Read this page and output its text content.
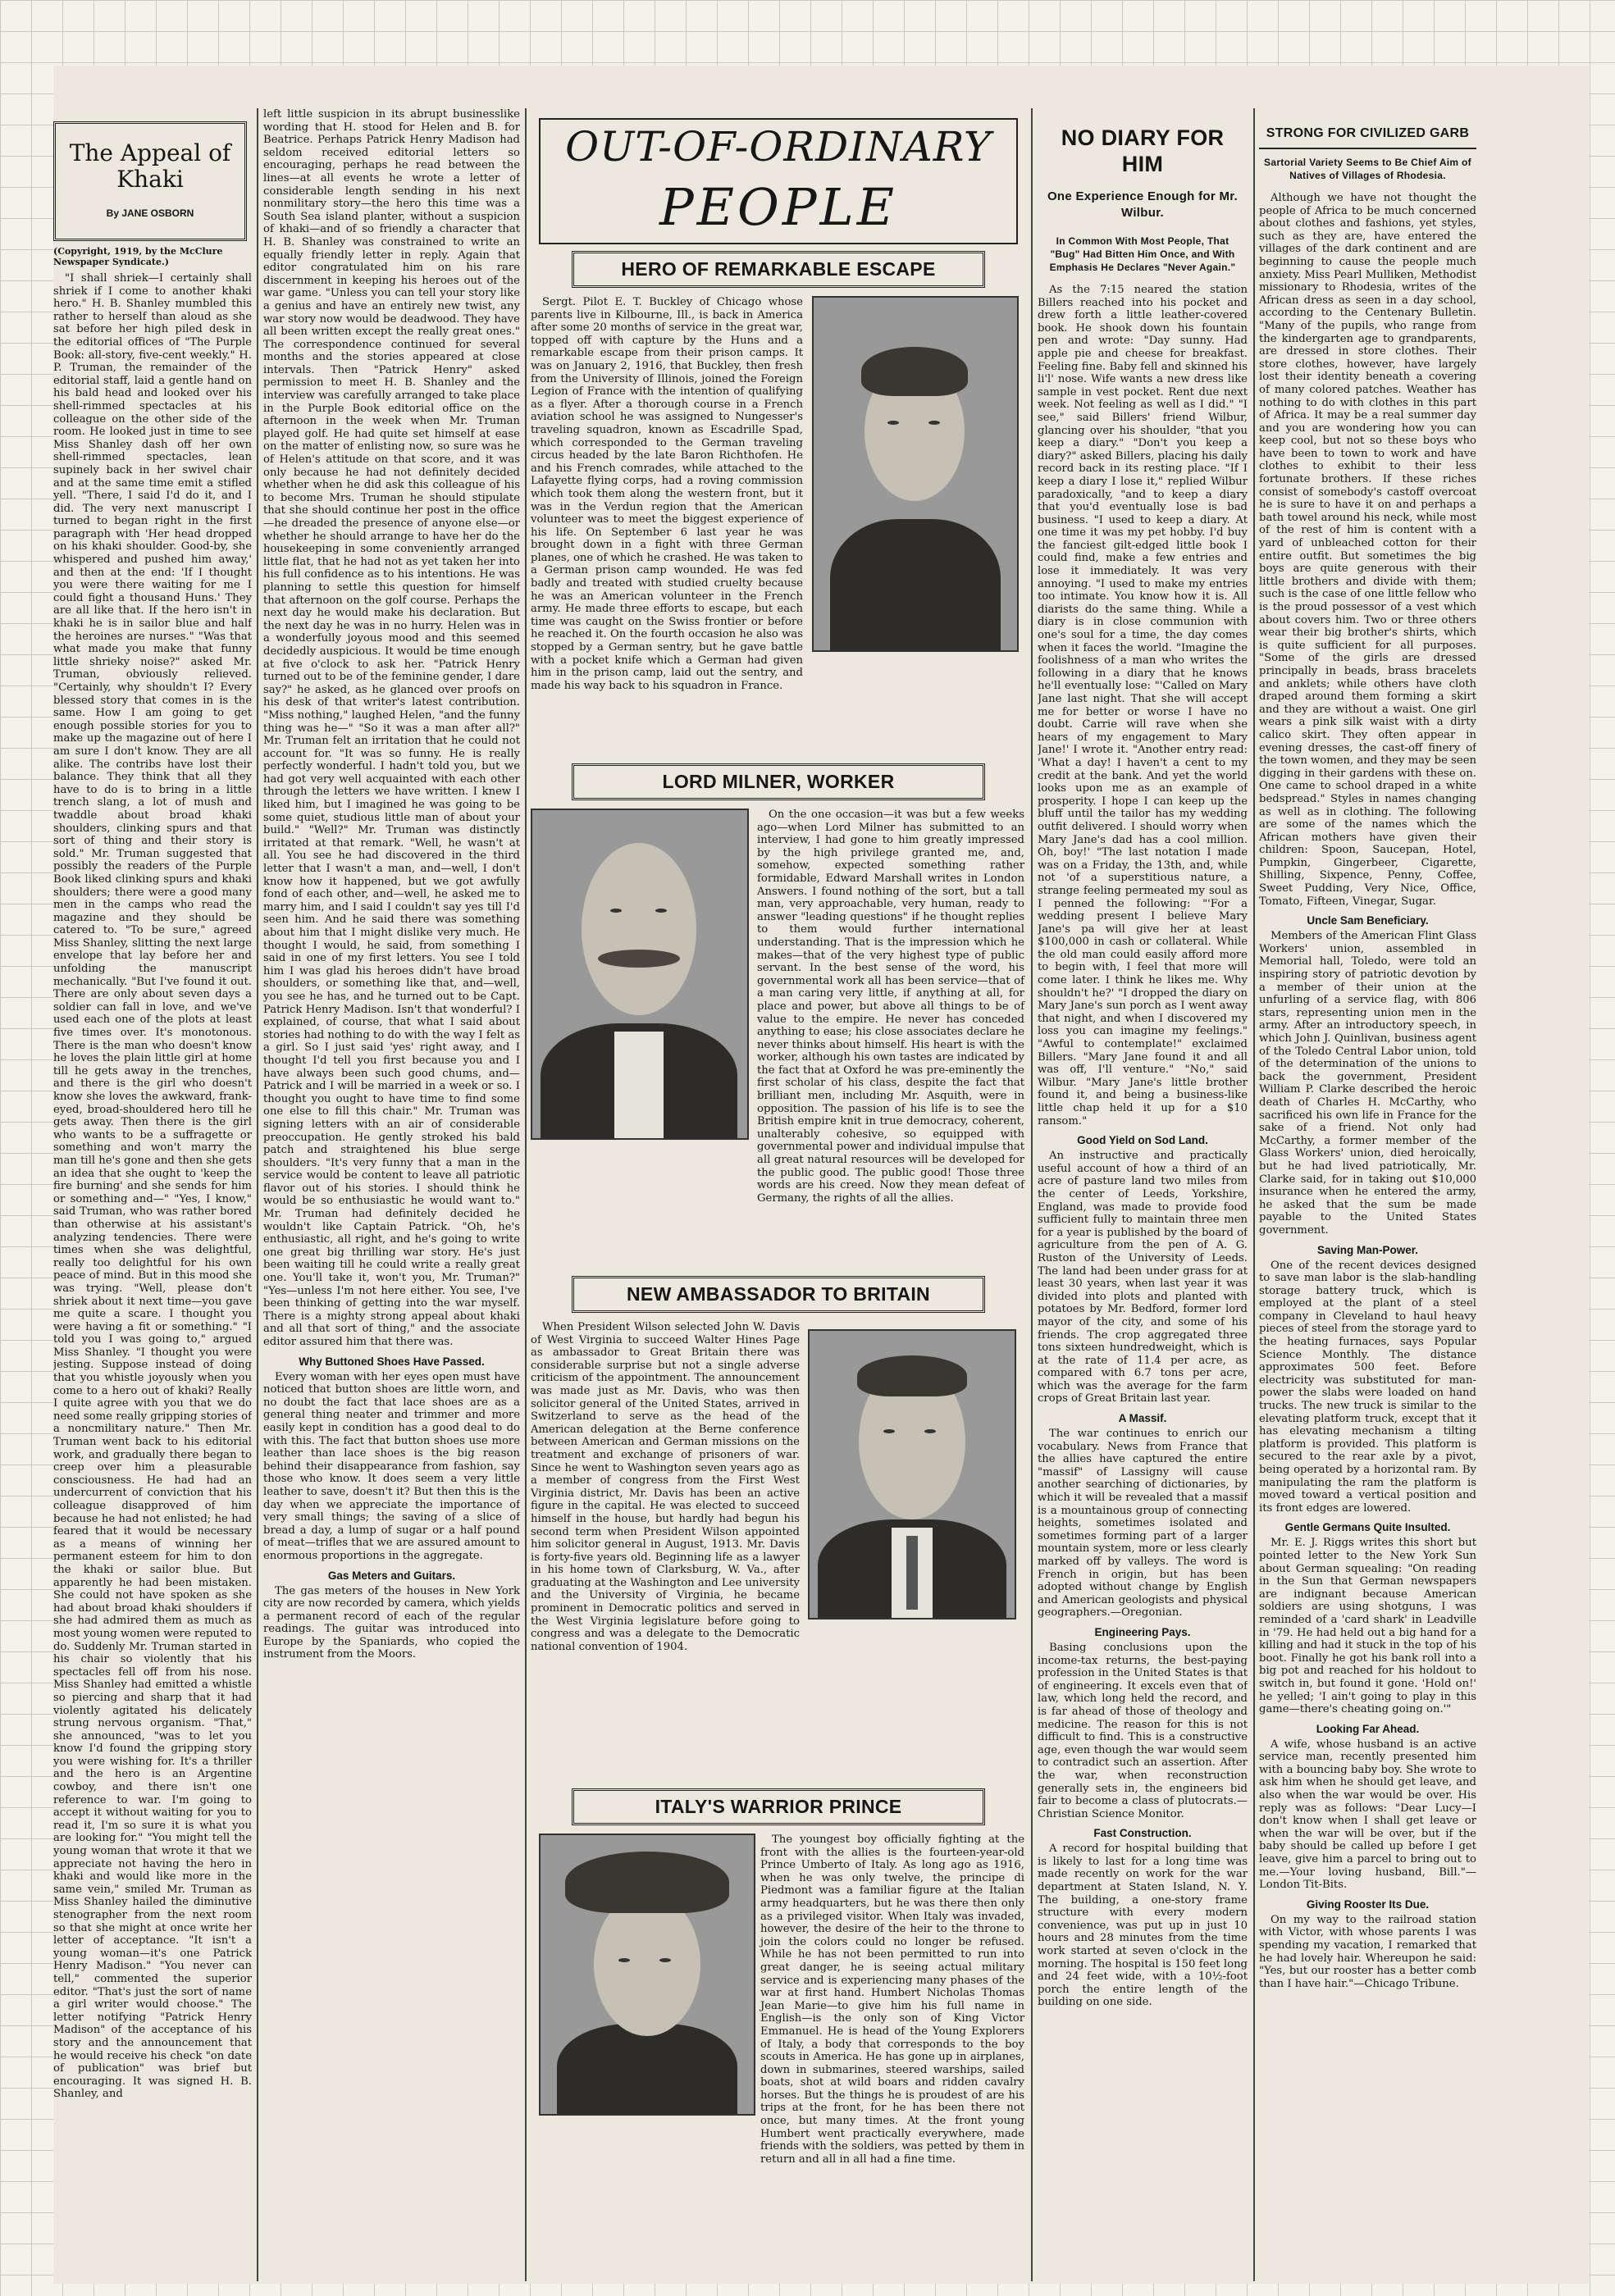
The Appeal of Khaki
By JANE OSBORN
(Copyright, 1919, by the McClure Newspaper Syndicate.)

"I shall shriek—I certainly shall shriek if I come to another khaki hero." H. B. Shanley mumbled this rather to herself than aloud as she sat before her high piled desk in the editorial offices of "The Purple Book: all-story, five-cent weekly." H. P. Truman, the remainder of the editorial staff, laid a gentle hand on his bald head and looked over his shell-rimmed spectacles at his colleague on the other side of the room. He looked just in time to see Miss Shanley dash off her own shell-rimmed spectacles, lean supinely back in her swivel chair and at the same time emit a stifled yell. "There, I said I'd do it, and I did. The very next manuscript I turned to began right in the first paragraph with 'Her head dropped on his khaki shoulder. Good-by, she whispered and pushed him away,' and then at the end: 'If I thought you were there waiting for me I could fight a thousand Huns.' They are all like that. If the hero isn't in khaki he is in sailor blue and half the heroines are nurses." "Was that what made you make that funny little shrieky noise?" asked Mr. Truman, obviously relieved. "Certainly, why shouldn't I? Every blessed story that comes in is the same. How I am going to get enough possible stories for you to make up the magazine out of here I am sure I don't know. They are all alike. The contribs have lost their balance. They think that all they have to do is to bring in a little trench slang, a lot of mush and twaddle about broad khaki shoulders, clinking spurs and that sort of thing and their story is sold." Mr. Truman suggested that possibly the readers of the Purple Book liked clinking spurs and khaki shoulders; there were a good many men in the camps who read the magazine and they should be catered to. "To be sure," agreed Miss Shanley, slitting the next large envelope that lay before her and unfolding the manuscript mechanically. "But I've found it out. There are only about seven days a soldier can fall in love, and we've used each one of the plots at least five times over. It's monotonous. There is the man who doesn't know he loves the plain little girl at home till he gets away in the trenches, and there is the girl who doesn't know she loves the awkward, frank-eyed, broad-shouldered hero till he gets away. Then there is the girl who wants to be a suffragette or something and won't marry the man till he's gone and then she gets an idea that she ought to 'keep the fire burning' and she sends for him or something and—" "Yes, I know," said Truman, who was rather bored than otherwise at his assistant's analyzing tendencies. There were times when she was delightful, really too delightful for his own peace of mind. But in this mood she was trying. "Well, please don't shriek about it next time—you gave me quite a scare. I thought you were having a fit or something." "I told you I was going to," argued Miss Shanley. "I thought you were jesting. Suppose instead of doing that you whistle joyously when you come to a hero out of khaki? Really I quite agree with you that we do need some really gripping stories of a noncmilitary nature." Then Mr. Truman went back to his editorial work, and gradually there began to creep over him a pleasurable consciousness. He had had an undercurrent of conviction that his colleague disapproved of him because he had not enlisted; he had feared that it would be necessary as a means of winning her permanent esteem for him to don the khaki or sailor blue. But apparently he had been mistaken. She could not have spoken as she had about broad khaki shoulders if she had admired them as much as most young women were reputed to do. Suddenly Mr. Truman started in his chair so violently that his spectacles fell off from his nose. Miss Shanley had emitted a whistle so piercing and sharp that it had violently agitated his delicately strung nervous organism. "That," she announced, "was to let you know I'd found the gripping story you were wishing for. It's a thriller and the hero is an Argentine cowboy, and there isn't one reference to war. I'm going to accept it without waiting for you to read it, I'm so sure it is what you are looking for." "You might tell the young woman that wrote it that we appreciate not having the hero in khaki and would like more in the same vein," smiled Mr. Truman as Miss Shanley hailed the diminutive stenographer from the next room so that she might at once write her letter of acceptance. "It isn't a young woman—it's one Patrick Henry Madison." "You never can tell," commented the superior editor. "That's just the sort of name a girl writer would choose." The letter notifying "Patrick Henry Madison" of the acceptance of his story and the announcement that he would receive his check "on date of publication" was brief but encouraging. It was signed H. B. Shanley, and

left little suspicion in its abrupt businesslike wording that H. stood for Helen and B. for Beatrice. Perhaps Patrick Henry Madison had seldom received editorial letters so encouraging, perhaps he read between the lines—at all events he wrote a letter of considerable length sending in his next nonmilitary story—the hero this time was a South Sea island planter, without a suspicion of khaki—and of so friendly a character that H. B. Shanley was constrained to write an equally friendly letter in reply. Again that editor congratulated him on his rare discernment in keeping his heroes out of the war game. "Unless you can tell your story like a genius and have an entirely new twist, any war story now would be deadwood. They have all been written except the really great ones." The correspondence continued for several months and the stories appeared at close intervals. Then "Patrick Henry" asked permission to meet H. B. Shanley and the interview was carefully arranged to take place in the Purple Book editorial office on the afternoon in the week when Mr. Truman played golf. He had quite set himself at ease on the matter of enlisting now, so sure was he of Helen's attitude on that score, and it was only because he had not definitely decided whether when he did ask this colleague of his to become Mrs. Truman he should stipulate that she should continue her post in the office—he dreaded the presence of anyone else—or whether he should arrange to have her do the housekeeping in some conveniently arranged little flat, that he had not as yet taken her into his full confidence as to his intentions. He was planning to settle this question for himself that afternoon on the golf course. Perhaps the next day he would make his declaration. But the next day he was in no hurry. Helen was in a wonderfully joyous mood and this seemed decidedly auspicious. It would be time enough at five o'clock to ask her. "Patrick Henry turned out to be of the feminine gender, I dare say?" he asked, as he glanced over proofs on his desk of that writer's latest contribution. "Miss nothing," laughed Helen, "and the funny thing was he—" "So it was a man after all?" Mr. Truman felt an irritation that he could not account for. "It was so funny. He is really perfectly wonderful. I hadn't told you, but we had got very well acquainted with each other through the letters we have written. I knew I liked him, but I imagined he was going to be some quiet, studious little man of about your build." "Well?" Mr. Truman was distinctly irritated at that remark. "Well, he wasn't at all. You see he had discovered in the third letter that I wasn't a man, and—well, I don't know how it happened, but we got awfully fond of each other, and—well, he asked me to marry him, and I said I couldn't say yes till I'd seen him. And he said there was something about him that I might dislike very much. He thought I would, he said, from something I said in one of my first letters. You see I told him I was glad his heroes didn't have broad shoulders, or something like that, and—well, you see he has, and he turned out to be Capt. Patrick Henry Madison. Isn't that wonderful? I explained, of course, that what I said about stories had nothing to do with the way I felt as a girl. So I just said 'yes' right away, and I thought I'd tell you first because you and I have always been such good chums, and—Patrick and I will be married in a week or so. I thought you ought to have time to find some one else to fill this chair." Mr. Truman was signing letters with an air of considerable preoccupation. He gently stroked his bald patch and straightened his blue serge shoulders. "It's very funny that a man in the service would be content to leave all patriotic flavor out of his stories. I should think he would be so enthusiastic he would want to." Mr. Truman had definitely decided he wouldn't like Captain Patrick. "Oh, he's enthusiastic, all right, and he's going to write one great big thrilling war story. He's just been waiting till he could write a really great one. You'll take it, won't you, Mr. Truman?" "Yes—unless I'm not here either. You see, I've been thinking of getting into the war myself. There is a mighty strong appeal about khaki and all that sort of thing," and the associate editor assured him that there was.

Why Buttoned Shoes Have Passed.

Every woman with her eyes open must have noticed that button shoes are little worn, and no doubt the fact that lace shoes are as a general thing neater and trimmer and more easily kept in condition has a good deal to do with this. The fact that button shoes use more leather than lace shoes is the big reason behind their disappearance from fashion, say those who know. It does seem a very little leather to save, doesn't it? But then this is the day when we appreciate the importance of very small things; the saving of a slice of bread a day, a lump of sugar or a half pound of meat—trifles that we are assured amount to enormous proportions in the aggregate.

Gas Meters and Guitars.

The gas meters of the houses in New York city are now recorded by camera, which yields a permanent record of each of the regular readings. The guitar was introduced into Europe by the Spaniards, who copied the instrument from the Moors.

OUT-OF-ORDINARY
PEOPLE
HERO OF REMARKABLE ESCAPE

Sergt. Pilot E. T. Buckley of Chicago whose parents live in Kilbourne, Ill., is back in America after some 20 months of service in the great war, topped off with capture by the Huns and a remarkable escape from their prison camps. It was on January 2, 1916, that Buckley, then fresh from the University of Illinois, joined the Foreign Legion of France with the intention of qualifying as a flyer. After a thorough course in a French aviation school he was assigned to Nungesser's traveling squadron, known as Escadrille Spad, which corresponded to the German traveling circus headed by the late Baron Richthofen. He and his French comrades, while attached to the Lafayette flying corps, had a roving commission which took them along the western front, but it was in the Verdun region that the American volunteer was to meet the biggest experience of his life. On September 6 last year he was brought down in a fight with three German planes, one of which he crashed. He was taken to a German prison camp wounded. He was fed badly and treated with studied cruelty because he was an American volunteer in the French army. He made three efforts to escape, but each time was caught on the Swiss frontier or before he reached it. On the fourth occasion he also was stopped by a German sentry, but he gave battle with a pocket knife which a German had given him in the prison camp, laid out the sentry, and made his way back to his squadron in France.

LORD MILNER, WORKER

On the one occasion—it was but a few weeks ago—when Lord Milner has submitted to an interview, I had gone to him greatly impressed by the high privilege granted me, and, somehow, expected something rather formidable, Edward Marshall writes in London Answers. I found nothing of the sort, but a tall man, very approachable, very human, ready to answer "leading questions" if he thought replies to them would further international understanding. That is the impression which he makes—that of the very highest type of public servant. In the best sense of the word, his governmental work all has been service—that of a man caring very little, if anything at all, for place and power, but above all things to be of value to the empire. He never has conceded anything to ease; his close associates declare he never thinks about himself. His heart is with the worker, although his own tastes are indicated by the fact that at Oxford he was pre-eminently the first scholar of his class, despite the fact that brilliant men, including Mr. Asquith, were in opposition. The passion of his life is to see the British empire knit in true democracy, coherent, unalterably cohesive, so equipped with governmental power and individual impulse that all great natural resources will be developed for the public good. The public good! Those three words are his creed. Now they mean defeat of Germany, the rights of all the allies.

NEW AMBASSADOR TO BRITAIN

When President Wilson selected John W. Davis of West Virginia to succeed Walter Hines Page as ambassador to Great Britain there was considerable surprise but not a single adverse criticism of the appointment. The announcement was made just as Mr. Davis, who was then solicitor general of the United States, arrived in Switzerland to serve as the head of the American delegation at the Berne conference between American and German missions on the treatment and exchange of prisoners of war. Since he went to Washington seven years ago as a member of congress from the First West Virginia district, Mr. Davis has been an active figure in the capital. He was elected to succeed himself in the house, but hardly had begun his second term when President Wilson appointed him solicitor general in August, 1913. Mr. Davis is forty-five years old. Beginning life as a lawyer in his home town of Clarksburg, W. Va., after graduating at the Washington and Lee university and the University of Virginia, he became prominent in Democratic politics and served in the West Virginia legislature before going to congress and was a delegate to the Democratic national convention of 1904.

ITALY'S WARRIOR PRINCE

The youngest boy officially fighting at the front with the allies is the fourteen-year-old Prince Umberto of Italy. As long ago as 1916, when he was only twelve, the principe di Piedmont was a familiar figure at the Italian army headquarters, but he was there then only as a privileged visitor. When Italy was invaded, however, the desire of the heir to the throne to join the colors could no longer be refused. While he has not been permitted to run into great danger, he is seeing actual military service and is experiencing many phases of the war at first hand. Humbert Nicholas Thomas Jean Marie—to give him his full name in English—is the only son of King Victor Emmanuel. He is head of the Young Explorers of Italy, a body that corresponds to the boy scouts in America. He has gone up in airplanes, down in submarines, steered warships, sailed boats, shot at wild boars and ridden cavalry horses. But the things he is proudest of are his trips at the front, for he has been there not once, but many times. At the front young Humbert went practically everywhere, made friends with the soldiers, was petted by them in return and all in all had a fine time.

NO DIARY FOR HIM
One Experience Enough for Mr. Wilbur.
In Common With Most People, That "Bug" Had Bitten Him Once, and With Emphasis He Declares "Never Again."

As the 7:15 neared the station Billers reached into his pocket and drew forth a little leather-covered book. He shook down his fountain pen and wrote: "Day sunny. Had apple pie and cheese for breakfast. Feeling fine. Baby fell and skinned his li'l' nose. Wife wants a new dress like sample in vest pocket. Rent due next week. Not feeling as well as I did." "I see," said Billers' friend Wilbur, glancing over his shoulder, "that you keep a diary." "Don't you keep a diary?" asked Billers, placing his daily record back in its resting place. "If I keep a diary I lose it," replied Wilbur paradoxically, "and to keep a diary that you'd eventually lose is bad business. "I used to keep a diary. At one time it was my pet hobby. I'd buy the fanciest gilt-edged little book I could find, make a few entries and lose it immediately. It was very annoying. "I used to make my entries too intimate. You know how it is. All diarists do the same thing. While a diary is in close communion with one's soul for a time, the day comes when it faces the world. "Imagine the foolishness of a man who writes the following in a diary that he knows he'll eventually lose: "'Called on Mary Jane last night. That she will accept me for better or worse I have no doubt. Carrie will rave when she hears of my engagement to Mary Jane!' I wrote it. "Another entry read: 'What a day! I haven't a cent to my credit at the bank. And yet the world looks upon me as an example of prosperity. I hope I can keep up the bluff until the tailor has my wedding outfit delivered. I should worry when Mary Jane's dad has a cool million. Oh, boy!' "The last notation I made was on a Friday, the 13th, and, while not 'of a superstitious nature, a strange feeling permeated my soul as I penned the following: "'For a wedding present I believe Mary Jane's pa will give her at least $100,000 in cash or collateral. While the old man could easily afford more to begin with, I feel that more will come later. I think he likes me. Why shouldn't he?' "I dropped the diary on Mary Jane's sun porch as I went away that night, and when I discovered my loss you can imagine my feelings." "Awful to contemplate!" exclaimed Billers. "Mary Jane found it and all was off, I'll venture." "No," said Wilbur. "Mary Jane's little brother found it, and being a business-like little chap held it up for a $10 ransom."

Good Yield on Sod Land.

An instructive and practically useful account of how a third of an acre of pasture land two miles from the center of Leeds, Yorkshire, England, was made to provide food sufficient fully to maintain three men for a year is published by the board of agriculture from the pen of A. G. Ruston of the University of Leeds. The land had been under grass for at least 30 years, when last year it was divided into plots and planted with potatoes by Mr. Bedford, former lord mayor of the city, and some of his friends. The crop aggregated three tons sixteen hundredweight, which is at the rate of 11.4 per acre, as compared with 6.7 tons per acre, which was the average for the farm crops of Great Britain last year.

A Massif.

The war continues to enrich our vocabulary. News from France that the allies have captured the entire "massif" of Lassigny will cause another searching of dictionaries, by which it will be revealed that a massif is a mountainous group of connecting heights, sometimes isolated and sometimes forming part of a larger mountain system, more or less clearly marked off by valleys. The word is French in origin, but has been adopted without change by English and American geologists and physical geographers.—Oregonian.

Engineering Pays.

Basing conclusions upon the income-tax returns, the best-paying profession in the United States is that of engineering. It excels even that of law, which long held the record, and is far ahead of those of theology and medicine. The reason for this is not difficult to find. This is a constructive age, even though the war would seem to contradict such an assertion. After the war, when reconstruction generally sets in, the engineers bid fair to become a class of plutocrats.—Christian Science Monitor.

Fast Construction.

A record for hospital building that is likely to last for a long time was made recently on work for the war department at Staten Island, N. Y. The building, a one-story frame structure with every modern convenience, was put up in just 10 hours and 28 minutes from the time work started at seven o'clock in the morning. The hospital is 150 feet long and 24 feet wide, with a 10½-foot porch the entire length of the building on one side.

STRONG FOR CIVILIZED GARB
Sartorial Variety Seems to Be Chief Aim of Natives of Villages of Rhodesia.

Although we have not thought the people of Africa to be much concerned about clothes and fashions, yet styles, such as they are, have entered the villages of the dark continent and are beginning to cause the people much anxiety. Miss Pearl Mulliken, Methodist missionary to Rhodesia, writes of the African dress as seen in a day school, according to the Centenary Bulletin. "Many of the pupils, who range from the kindergarten age to grandparents, are dressed in store clothes. Their store clothes, however, have largely lost their identity beneath a covering of many colored patches. Weather has nothing to do with clothes in this part of Africa. It may be a real summer day and you are wondering how you can keep cool, but not so these boys who have been to town to work and have clothes to exhibit to their less fortunate brothers. If these riches consist of somebody's castoff overcoat he is sure to have it on and perhaps a bath towel around his neck, while most of the rest of him is content with a yard of unbleached cotton for their entire outfit. But sometimes the big boys are quite generous with their little brothers and divide with them; such is the case of one little fellow who is the proud possessor of a vest which about covers him. Two or three others wear their big brother's shirts, which is quite sufficient for all purposes. "Some of the girls are dressed principally in beads, brass bracelets and anklets; while others have cloth draped around them forming a skirt and they are without a waist. One girl wears a pink silk waist with a dirty calico skirt. They often appear in evening dresses, the cast-off finery of the town women, and they may be seen digging in their gardens with these on. One came to school draped in a white bedspread." Styles in names changing as well as in clothing. The following are some of the names which the African mothers have given their children: Spoon, Saucepan, Hotel, Pumpkin, Gingerbeer, Cigarette, Shilling, Sixpence, Penny, Coffee, Sweet Pudding, Very Nice, Office, Tomato, Fifteen, Vinegar, Sugar.

Uncle Sam Beneficiary.

Members of the American Flint Glass Workers' union, assembled in Memorial hall, Toledo, were told an inspiring story of patriotic devotion by a member of their union at the unfurling of a service flag, with 806 stars, representing union men in the army. After an introductory speech, in which John J. Quinlivan, business agent of the Toledo Central Labor union, told of the determination of the unions to back the government, President William P. Clarke described the heroic death of Charles H. McCarthy, who sacrificed his own life in France for the sake of a friend. Not only had McCarthy, a former member of the Glass Workers' union, died heroically, but he had lived patriotically, Mr. Clarke said, for in taking out $10,000 insurance when he entered the army, he asked that the sum be made payable to the United States government.

Saving Man-Power.

One of the recent devices designed to save man labor is the slab-handling storage battery truck, which is employed at the plant of a steel company in Cleveland to haul heavy pieces of steel from the storage yard to the heating furnaces, says Popular Science Monthly. The distance approximates 500 feet. Before electricity was substituted for man-power the slabs were loaded on hand trucks. The new truck is similar to the elevating platform truck, except that it has elevating mechanism a tilting platform is provided. This platform is secured to the rear axle by a pivot, being operated by a horizontal ram. By manipulating the ram the platform is moved toward a vertical position and its front edges are lowered.

Gentle Germans Quite Insulted.

Mr. E. J. Riggs writes this short but pointed letter to the New York Sun about German squealing: "On reading in the Sun that German newspapers are indignant because American soldiers are using shotguns, I was reminded of a 'card shark' in Leadville in '79. He had held out a big hand for a killing and had it stuck in the top of his boot. Finally he got his bank roll into a big pot and reached for his holdout to switch in, but found it gone. 'Hold on!' he yelled; 'I ain't going to play in this game—there's cheating going on.'"

Looking Far Ahead.

A wife, whose husband is an active service man, recently presented him with a bouncing baby boy. She wrote to ask him when he should get leave, and also when the war would be over. His reply was as follows: "Dear Lucy—I don't know when I shall get leave or when the war will be over, but if the baby should be called up before I get leave, give him a parcel to bring out to me.—Your loving husband, Bill."—London Tit-Bits.

Giving Rooster Its Due.

On my way to the railroad station with Victor, with whose parents I was spending my vacation, I remarked that he had lovely hair. Whereupon he said: "Yes, but our rooster has a better comb than I have hair."—Chicago Tribune.
